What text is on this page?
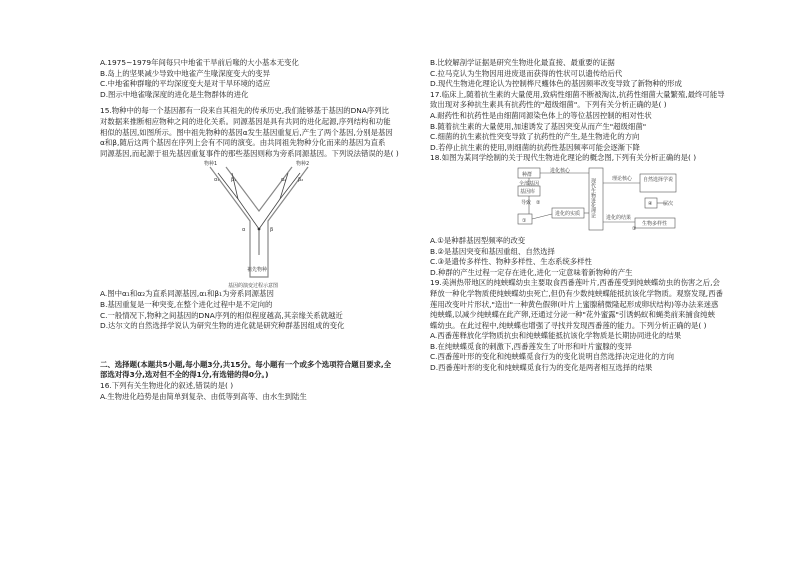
A.1975~1979年间每只中地雀干旱前后喙的大小基本无变化
B.岛上的坚果减少导致中地雀产生喙深度变大的变异
C.中地雀种群喙的平均深度变大是对干旱环境的适应
D.图示中地雀喙深度的进化是生物群体的进化
15.物种中的每一个基因都有一段来自其祖先的传承历史,我们能够基于基因的DNA序列比
对数据来推断相应物种之间的进化关系。同源基因是具有共同的进化起源,序列结构和功能
相似的基因,如图所示。图中祖先物种的基因α发生基因重复后,产生了两个基因,分别是基因
α和β,随后这两个基因在序列上会有不同的演变。由共同祖先物种分化而来的基因为直系
同源基因,而起源于祖先基因重复事件的那些基因则称为旁系同源基因。下列说法错误的是( )
物种1	物种2
α₁ β₁	α₂ β₂
α	β
祖先物种
基因的演变过程示意图
A.图中α₁和α₂为直系同源基因,α₁和β₁为旁系同源基因
B.基因重复是一种突变,在整个进化过程中是不定向的
C.一般情况下,物种之间基因的DNA序列的相似程度越高,其亲缘关系就越近
D.达尔文的自然选择学说认为研究生物的进化就是研究种群基因组成的变化
二、选择题(本题共5小题,每小题3分,共15分。每小题有一个或多个选项符合题目要求,全
部选对得3分,选对但不全的得1分,有选错的得0分。)
16.下列有关生物进化的叙述,错误的是( )
A.生物进化趋势是由简单到复杂、由低等到高等、由水生到陆生
B.比较解剖学证据是研究生物进化最直接、最重要的证据
C.拉马克认为生物因用进废退而获得的性状可以遗传给后代
D.现代生物进化理论认为控制桦尺蠖体色的基因频率改变导致了新物种的形成
17.临床上,随着抗生素的大量使用,致病性细菌不断被淘汰,抗药性细菌大量繁殖,最终可能导
致出现对多种抗生素具有抗药性的"超级细菌"。下列有关分析正确的是( )
A.耐药性和抗药性是由细菌同源染色体上的等位基因控制的相对性状
B.随着抗生素的大量使用,加速诱发了基因突变从而产生"超级细菌"
C.细菌的抗生素抗性突变导致了抗药性的产生,是生物进化的方向
D.若停止抗生素的使用,则细菌的抗药性基因频率可能会逐渐下降
18.如图为某同学绘制的关于现代生物进化理论的概念图,下列有关分析正确的是( )
种群
进化核心
全部基因
基因库
导致 ②
①
进化的实质 现代生物进化理论	理论核心 自然选择学说
进化的结果
④ 层次
③
生物多样性
A.①是种群基因型频率的改变
B.②是基因突变和基因重组、自然选择
C.③是遗传多样性、物种多样性、生态系统多样性
D.种群的产生过程一定存在进化,进化一定意味着新物种的产生
19.美洲热带地区的纯蛱蝶幼虫主要取食西番莲叶片,西番莲受到纯蛱蝶幼虫的伤害之后,会
释放一种化学物质使纯蛱蝶幼虫死亡,但仍有少数纯蛱蝶能抵抗该化学物质。观察发现,西番
莲用改变叶片形状,"造出"一种黄色假卵(叶片上蜜腺稍微隆起形成卵状结构)等办法来迷惑
纯蛱蝶,以减少纯蛱蝶在此产卵,还通过分泌一种"花外蜜露"引诱蚂蚁和蝇类前来捕食纯蛱
蝶幼虫。在此过程中,纯蛱蝶也增强了寻找并发现西番莲的能力。下列分析正确的是( )
A.西番莲释放化学物质抗虫和纯蛱蝶能抵抗该化学物质是长期协同进化的结果
B.在纯蛱蝶觅食的刺激下,西番莲发生了叶形和叶片蜜腺的变异
C.西番莲叶形的变化和纯蛱蝶觅食行为的变化说明自然选择决定进化的方向
D.西番莲叶形的变化和纯蛱蝶觅食行为的变化是两者相互选择的结果
